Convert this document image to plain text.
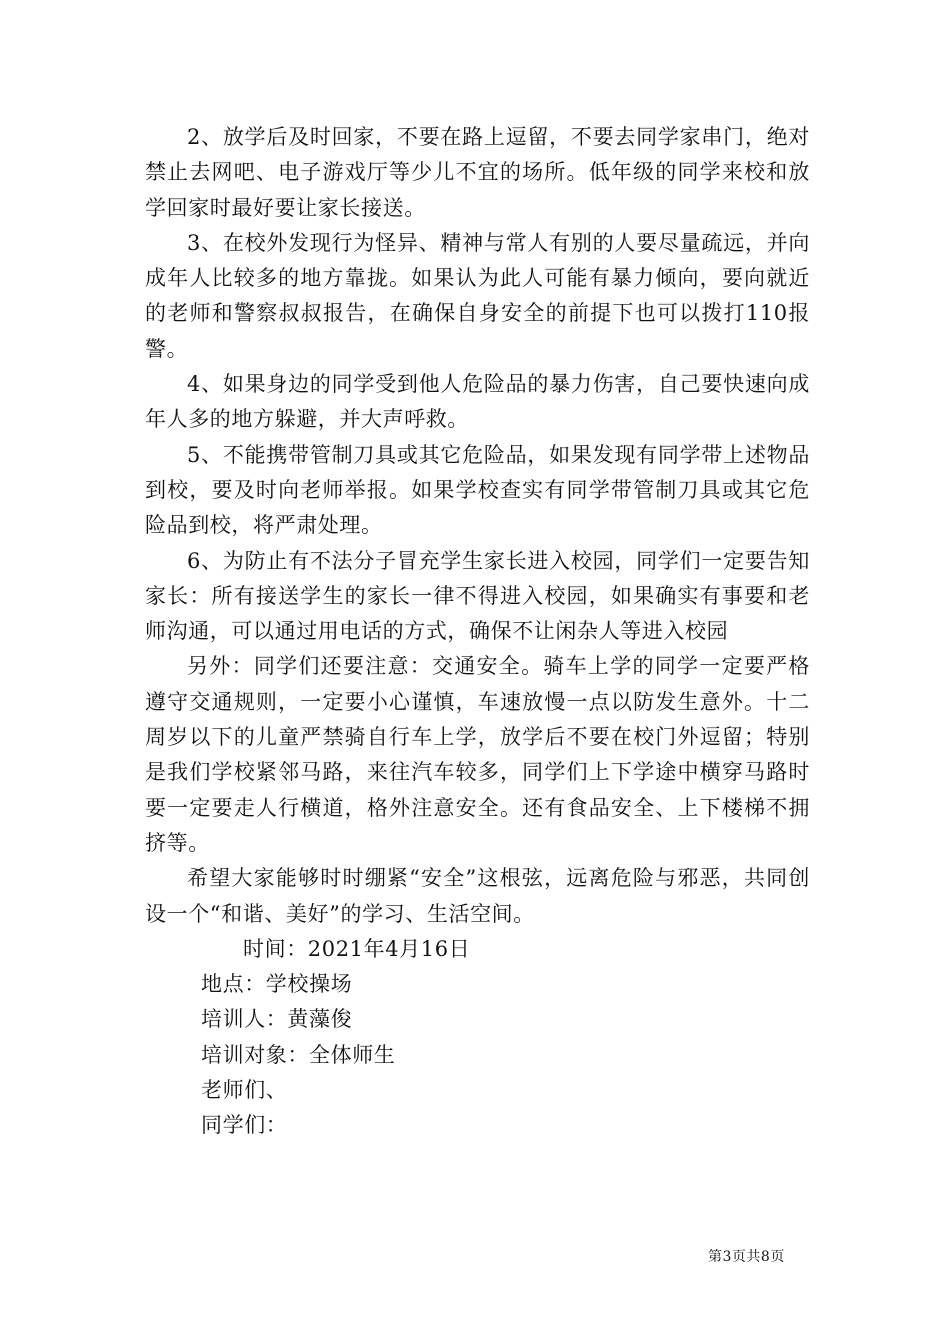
2、放学后及时回家，不要在路上逗留，不要去同学家串门，绝对禁止去网吧、电子游戏厅等少儿不宜的场所。低年级的同学来校和放学回家时最好要让家长接送。

3、在校外发现行为怪异、精神与常人有别的人要尽量疏远，并向成年人比较多的地方靠拢。如果认为此人可能有暴力倾向，要向就近的老师和警察叔叔报告，在确保自身安全的前提下也可以拨打110报警。

4、如果身边的同学受到他人危险品的暴力伤害，自己要快速向成年人多的地方躲避，并大声呼救。

5、不能携带管制刀具或其它危险品，如果发现有同学带上述物品到校，要及时向老师举报。如果学校查实有同学带管制刀具或其它危险品到校，将严肃处理。

6、为防止有不法分子冒充学生家长进入校园，同学们一定要告知家长：所有接送学生的家长一律不得进入校园，如果确实有事要和老师沟通，可以通过用电话的方式，确保不让闲杂人等进入校园

另外：同学们还要注意：交通安全。骑车上学的同学一定要严格遵守交通规则，一定要小心谨慎，车速放慢一点以防发生意外。十二周岁以下的儿童严禁骑自行车上学，放学后不要在校门外逗留；特别是我们学校紧邻马路，来往汽车较多，同学们上下学途中横穿马路时要一定要走人行横道，格外注意安全。还有食品安全、上下楼梯不拥挤等。

希望大家能够时时绷紧“安全”这根弦，远离危险与邪恶，共同创设一个“和谐、美好”的学习、生活空间。

时间：2021年4月16日

地点：学校操场

培训人：黄藻俊

培训对象：全体师生

老师们、

同学们：

第3页共8页
